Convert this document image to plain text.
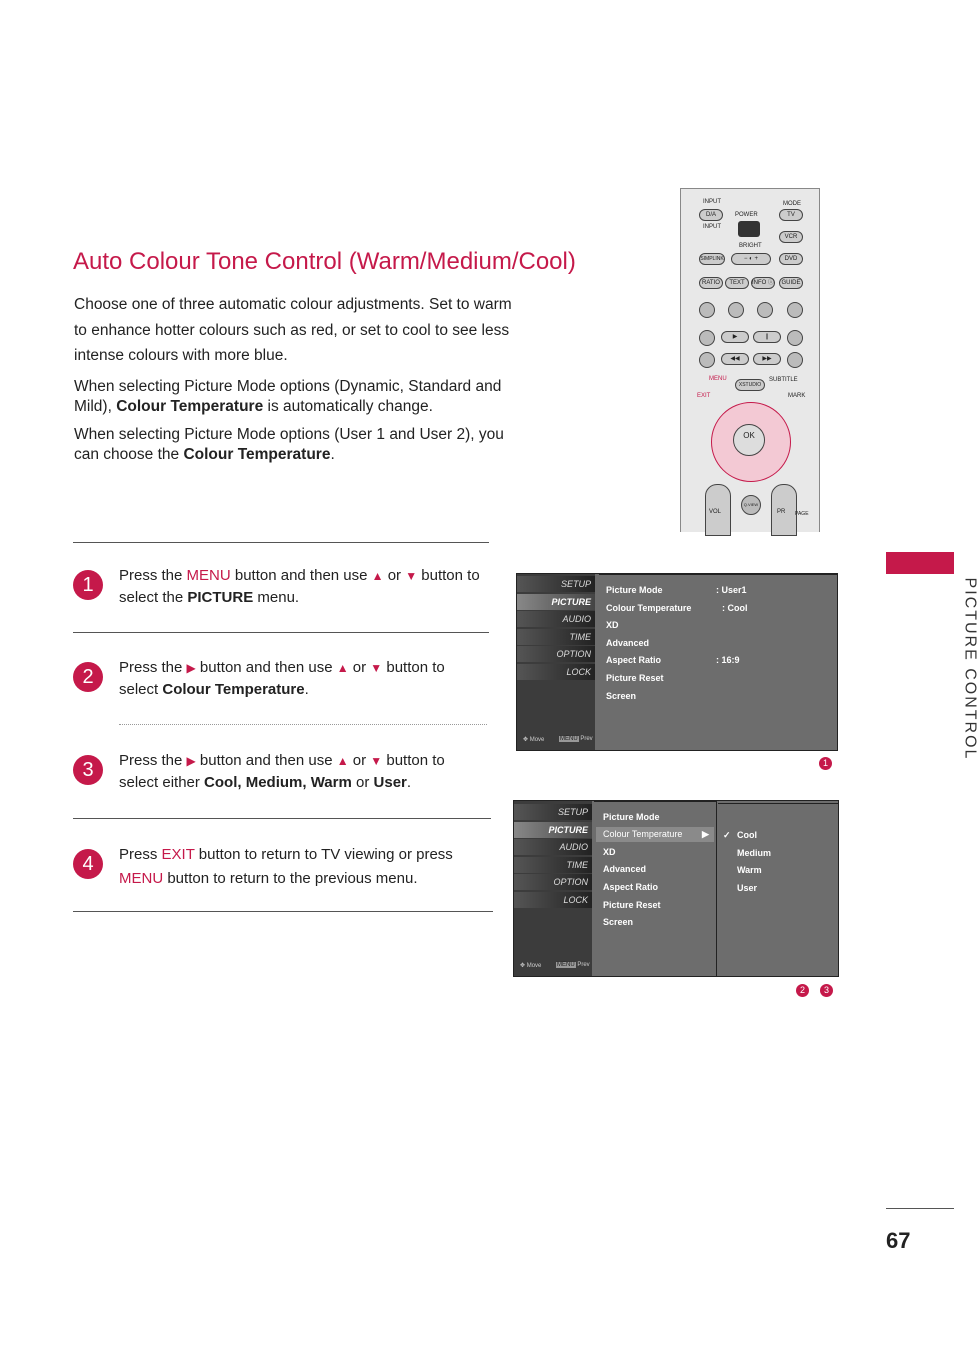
Auto Colour Tone Control (Warm/Medium/Cool)

Choose one of three automatic colour adjustments. Set to warm to enhance hotter colours such as red, or set to cool to see less intense colours with more blue.

When selecting Picture Mode options (Dynamic, Standard and Mild), Colour Temperature is automatically change.

When selecting Picture Mode options (User 1 and User 2), you can choose the Colour Temperature.

INPUT	MODE
D/A	POWER	TV
INPUT
VCR
BRIGHT
SIMPLINK	− ◐ +	DVD
RATIO	TEXT	INFO ⓘ	GUIDE
▶	❙
◀◀	▶▶
MENU
XSTUDIO
SUBTITLE
EXIT	MARK
OK
VOL
Q.VIEW
PR PAGE
PICTURE CONTROL
1	Press the MENU button and then use ▲ or ▼ button to select the PICTURE menu.
2	Press the ▶ button and then use ▲ or ▼ button to select Colour Temperature.
3	Press the ▶ button and then use ▲ or ▼ button to select either Cool, Medium, Warm or User.
4	Press EXIT button to return to TV viewing or press MENU button to return to the previous menu.
SETUP
PICTURE
AUDIO
TIME
OPTION
LOCK
✥ Move	MENU Prev
Picture Mode	: User1
Colour Temperature	: Cool
XD
Advanced
Aspect Ratio	: 16:9
Picture Reset
Screen
1
SETUP
PICTURE
AUDIO
TIME
OPTION
LOCK
✥ Move	MENU Prev
Picture Mode
Colour Temperature ▶
XD
Advanced
Aspect Ratio
Picture Reset
Screen
✓ Cool
Medium
Warm
User
2	3
67
